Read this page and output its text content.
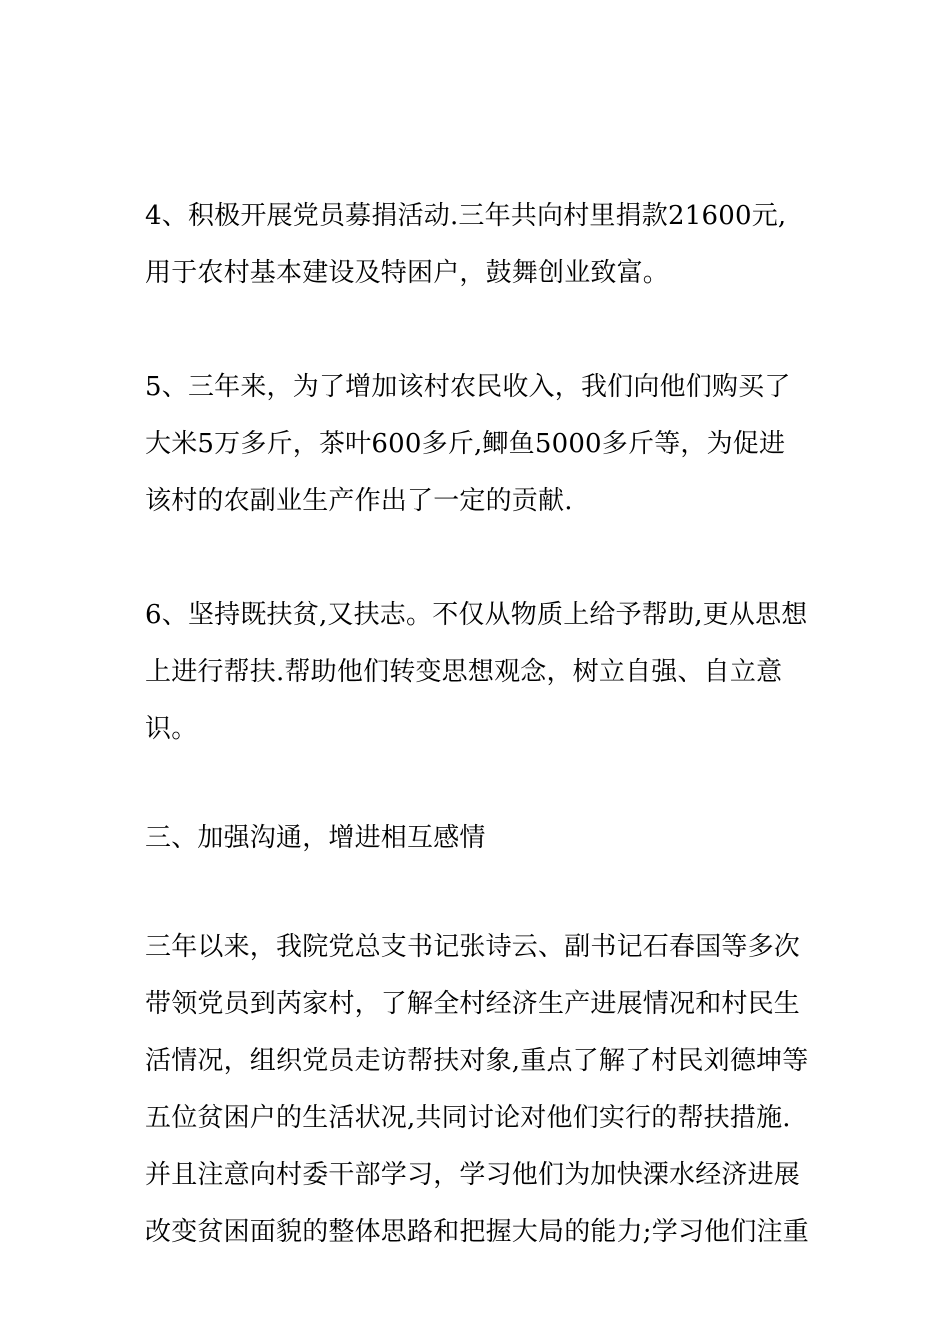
4、积极开展党员募捐活动.三年共向村里捐款21600元,用于农村基本建设及特困户，鼓舞创业致富。

5、三年来，为了增加该村农民收入，我们向他们购买了大米5万多斤，茶叶600多斤,鲫鱼5000多斤等，为促进该村的农副业生产作出了一定的贡献.

6、坚持既扶贫,又扶志。不仅从物质上给予帮助,更从思想上进行帮扶.帮助他们转变思想观念，树立自强、自立意识。

三、加强沟通，增进相互感情

三年以来，我院党总支书记张诗云、副书记石春国等多次带领党员到芮家村，了解全村经济生产进展情况和村民生活情况，组织党员走访帮扶对象,重点了解了村民刘德坤等五位贫困户的生活状况,共同讨论对他们实行的帮扶措施.并且注意向村委干部学习，学习他们为加快溧水经济进展改变贫困面貌的整体思路和把握大局的能力;学习他们注重
